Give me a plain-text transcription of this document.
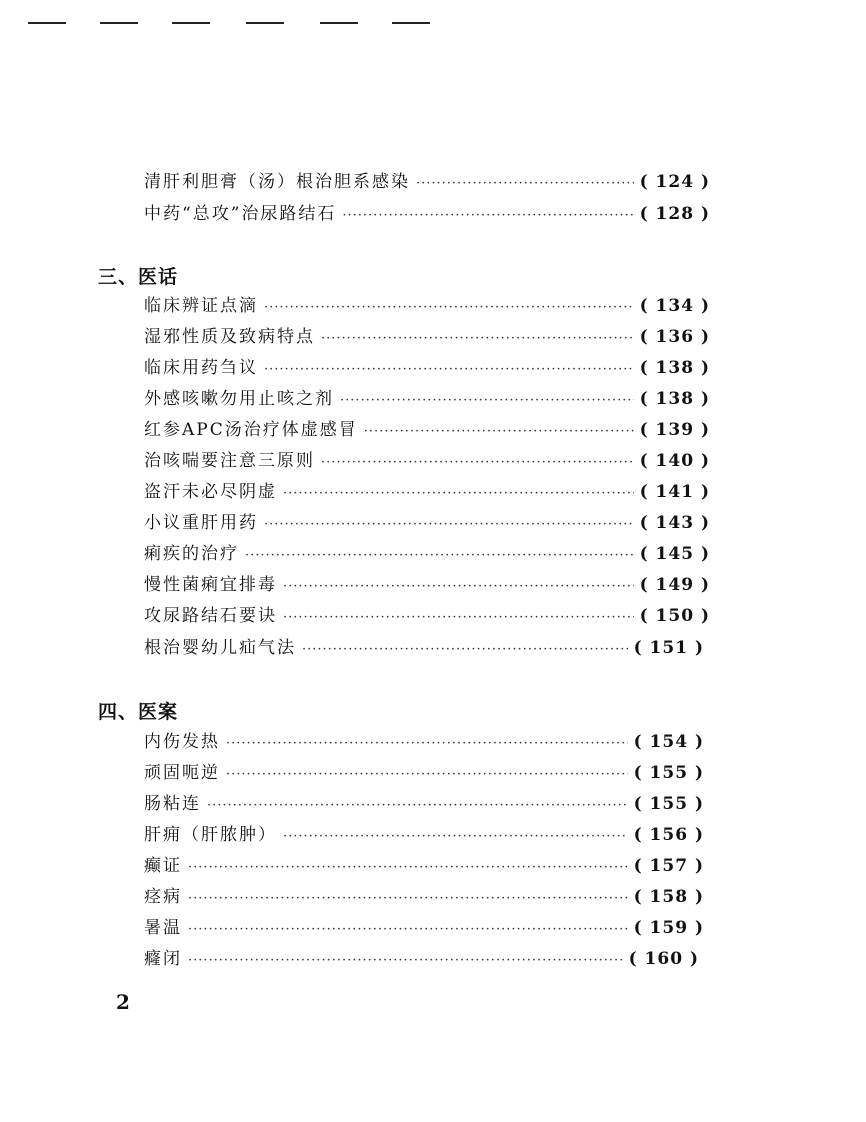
清肝利胆膏（汤）根治胆系感染 ·····	( 124 )
中药“总攻”治尿路结石 ·····	( 128 )
三、医话
临床辨证点滴 ·····	( 134 )
湿邪性质及致病特点 ·····	( 136 )
临床用药刍议 ·····	( 138 )
外感咳嗽勿用止咳之剂 ·····	( 138 )
红参APC汤治疗体虚感冒 ·····	( 139 )
治咳喘要注意三原则 ·····	( 140 )
盗汗未必尽阴虚 ·····	( 141 )
小议重肝用药 ·····	( 143 )
痢疾的治疗 ·····	( 145 )
慢性菌痢宜排毒 ·····	( 149 )
攻尿路结石要诀 ·····	( 150 )
根治婴幼儿疝气法 ·····	( 151 )
四、医案
内伤发热 ·····	( 154 )
顽固呃逆 ·····	( 155 )
肠粘连 ·····	( 155 )
肝痈（肝脓肿） ·····	( 156 )
癫证 ·····	( 157 )
痉病 ·····	( 158 )
暑温 ·····	( 159 )
癃闭 ·····	( 160 )
2
